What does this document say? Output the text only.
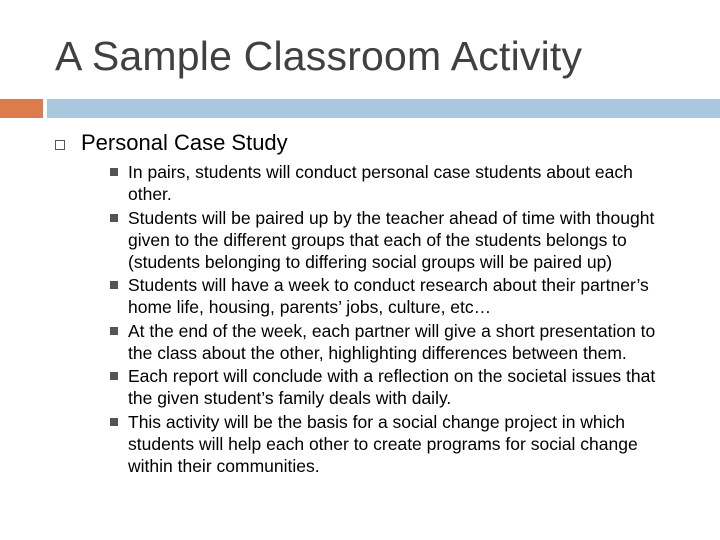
A Sample Classroom Activity
Personal Case Study
In pairs, students will conduct personal case students about each other.
Students will be paired up by the teacher ahead of time with thought given to the different groups that each of the students belongs to (students belonging to differing social groups will be paired up)
Students will have a week to conduct research about their partner’s home life, housing, parents’ jobs, culture, etc…
At the end of the week, each partner will give a short presentation to the class about the other, highlighting differences between them.
Each report will conclude with a reflection on the societal issues that the given student’s family deals with daily.
This activity will be the basis for a social change project in which students will help each other to create programs for social change within their communities.
